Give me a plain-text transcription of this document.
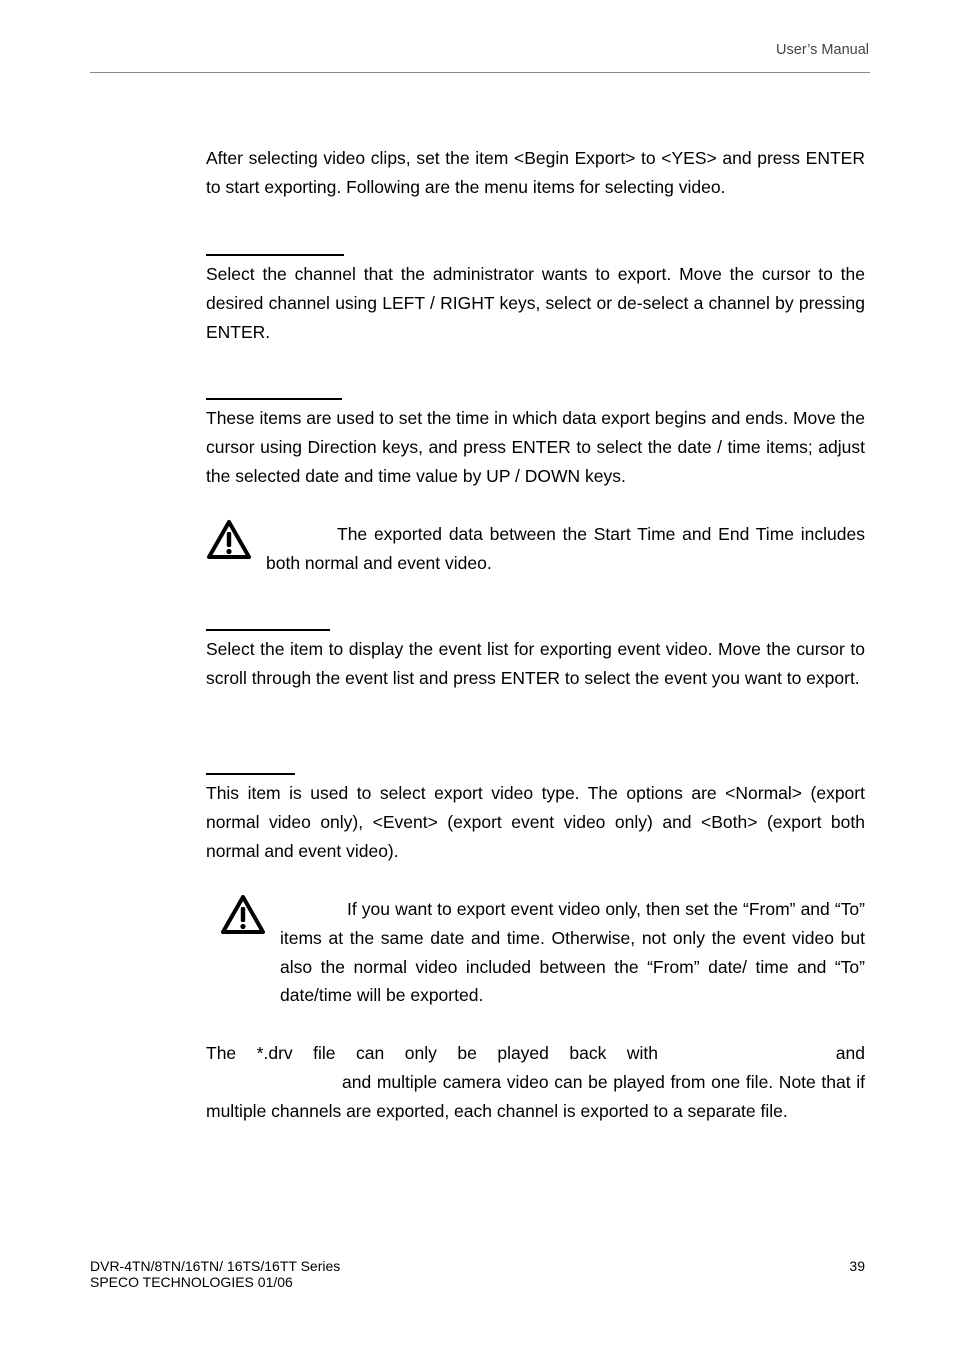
User’s Manual
After selecting video clips, set the item <Begin Export> to <YES> and press ENTER to start exporting. Following are the menu items for selecting video.
Select the channel that the administrator wants to export. Move the cursor to the desired channel using LEFT / RIGHT keys, select or de-select a channel by pressing ENTER.
These items are used to set the time in which data export begins and ends. Move the cursor using Direction keys, and press ENTER to select the date / time items; adjust the selected date and time value by UP / DOWN keys.
The exported data between the Start Time and End Time includes both normal and event video.
Select the item to display the event list for exporting event video. Move the cursor to scroll through the event list and press ENTER to select the event you want to export.
This item is used to select export video type. The options are <Normal> (export normal video only), <Event> (export event video only) and <Both> (export both normal and event video).
If you want to export event video only, then set the “From” and “To” items at the same date and time. Otherwise, not only the event video but also the normal video included between the “From” date/ time and “To” date/time will be exported.
The *.drv file can only be played back with	and
and multiple camera video can be played from one file. Note that if multiple channels are exported, each channel is exported to a separate file.
DVR-4TN/8TN/16TN/ 16TS/16TT Series
SPECO TECHNOLOGIES 01/06
39
